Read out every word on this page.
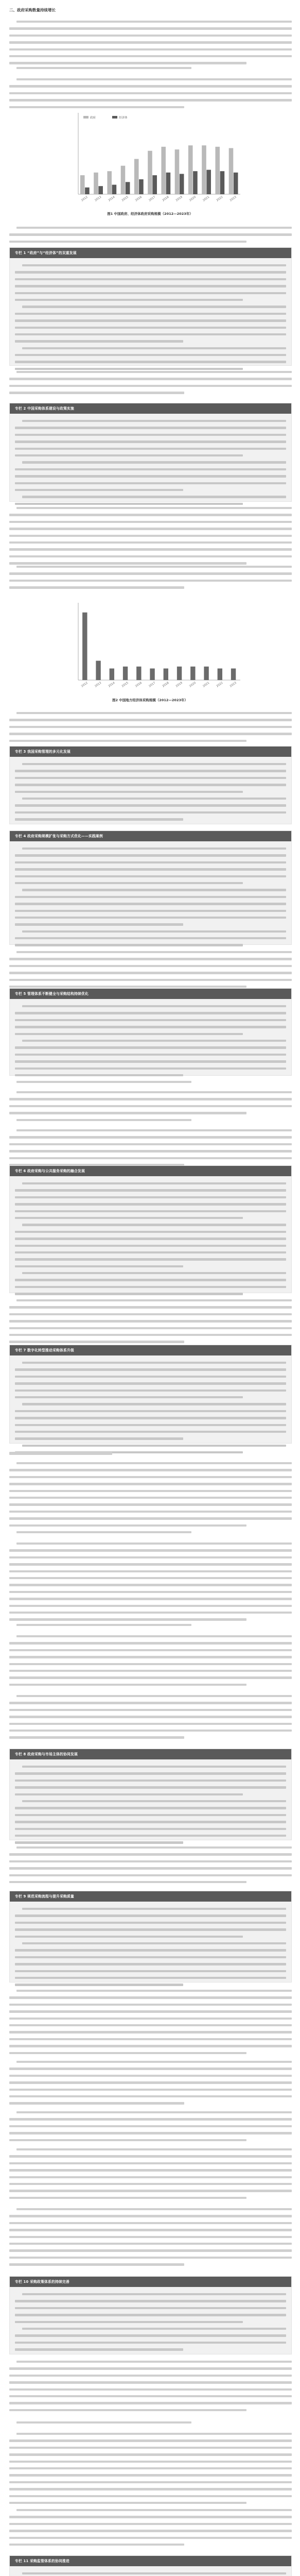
二、政府采购数量持续增长
2012 2013 2014 2015 2016 2017 2018 2019 2020 2021 2022 2023
政府	经济体
图1 中国政府、经济体政府采购规模（2012—2023年）
专栏 1 “政府”与“经济体”的双重发展
专栏 2 中国采购体系建设与政策实施
2012 2013 2014 2015 2016 2017 2018 2019 2020 2021 2022 2023
图2 中国地方经济体采购规模（2012—2023年）
专栏 3 我国采购管理的多元化发展
专栏 4 政府采购规模扩张与采购方式优化——实践案例
专栏 5 管理体系不断健全与采购结构持续优化
专栏 6 政府采购与公共服务采购的融合发展
专栏 7 数字化转型推动采购体系升级
专栏 8 政府采购与市场主体的协同发展
专栏 9 规范采购流程与提升采购质量
专栏 10 采购政策体系的持续完善
专栏 11 采购监管体系的协同推进
